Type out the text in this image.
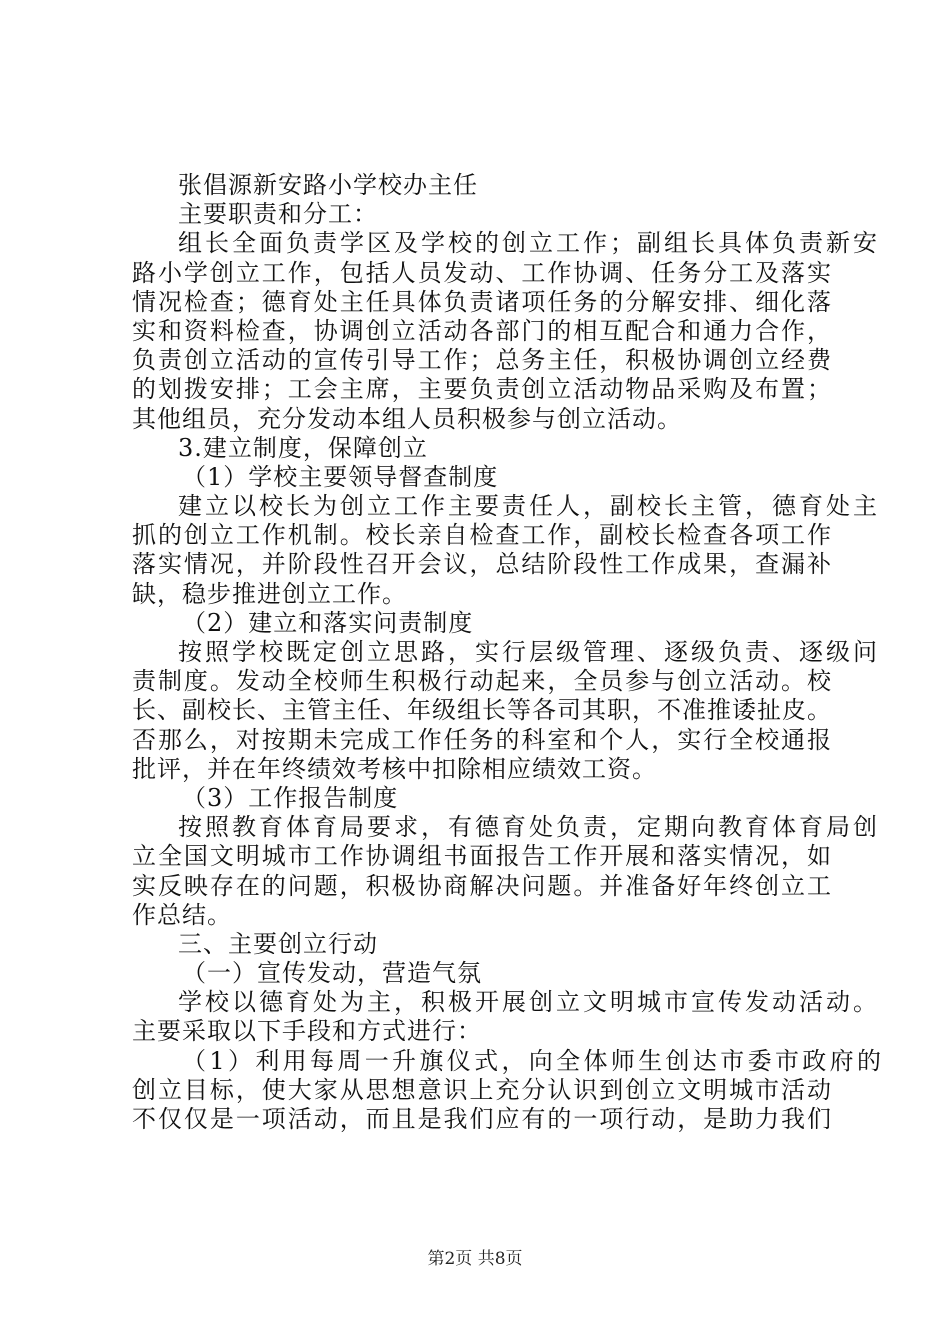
张倡源新安路小学校办主任
主要职责和分工：
组长全面负责学区及学校的创立工作；副组长具体负责新安
路小学创立工作，包括人员发动、工作协调、任务分工及落实
情况检查；德育处主任具体负责诸项任务的分解安排、细化落
实和资料检查，协调创立活动各部门的相互配合和通力合作，
负责创立活动的宣传引导工作；总务主任，积极协调创立经费
的划拨安排；工会主席，主要负责创立活动物品采购及布置；
其他组员，充分发动本组人员积极参与创立活动。
3.建立制度，保障创立
（1）学校主要领导督查制度
建立以校长为创立工作主要责任人，副校长主管，德育处主
抓的创立工作机制。校长亲自检查工作，副校长检查各项工作
落实情况，并阶段性召开会议，总结阶段性工作成果，查漏补
缺，稳步推进创立工作。
（2）建立和落实问责制度
按照学校既定创立思路，实行层级管理、逐级负责、逐级问
责制度。发动全校师生积极行动起来，全员参与创立活动。校
长、副校长、主管主任、年级组长等各司其职，不准推诿扯皮。
否那么，对按期未完成工作任务的科室和个人，实行全校通报
批评，并在年终绩效考核中扣除相应绩效工资。
（3）工作报告制度
按照教育体育局要求，有德育处负责，定期向教育体育局创
立全国文明城市工作协调组书面报告工作开展和落实情况，如
实反映存在的问题，积极协商解决问题。并准备好年终创立工
作总结。
三、主要创立行动
（一）宣传发动，营造气氛
学校以德育处为主，积极开展创立文明城市宣传发动活动。
主要采取以下手段和方式进行：
（1）利用每周一升旗仪式，向全体师生创达市委市政府的
创立目标，使大家从思想意识上充分认识到创立文明城市活动
不仅仅是一项活动，而且是我们应有的一项行动，是助力我们
第2页 共8页
